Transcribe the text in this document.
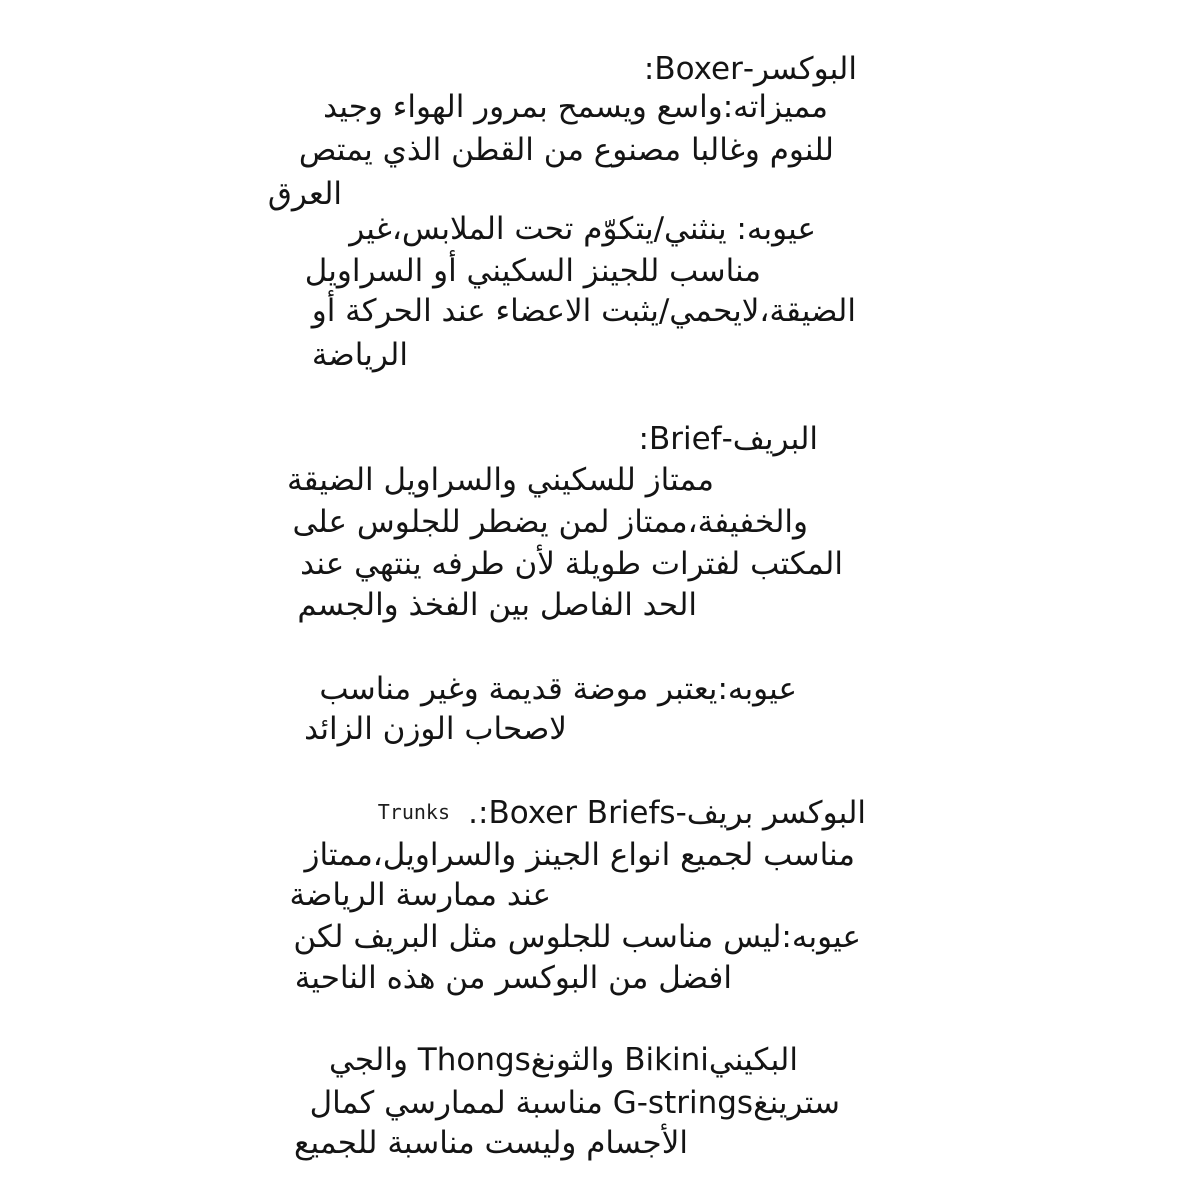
البوكسر-Boxer:
مميزاته:واسع ويسمح بمرور الهواء وجيد
للنوم وغالبا مصنوع من القطن الذي يمتص
العرق
عيوبه: ينثني/يتكوّم تحت الملابس،غير
مناسب للجينز السكيني أو السراويل
الضيقة،لايحمي/يثبت الاعضاء عند الحركة أو
الرياضة
البريف-Brief:
ممتاز للسكيني والسراويل الضيقة
والخفيفة،ممتاز لمن يضطر للجلوس على
المكتب لفترات طويلة لأن طرفه ينتهي عند
الحد الفاصل بين الفخذ والجسم
عيوبه:يعتبر موضة قديمة وغير مناسب
لاصحاب الوزن الزائد
Trunks البوكسر بريف-Boxer Briefs:.
مناسب لجميع انواع الجينز والسراويل،ممتاز
عند ممارسة الرياضة
عيوبه:ليس مناسب للجلوس مثل البريف لكن
افضل من البوكسر من هذه الناحية
البكينيBikini والثونغThongs والجي
سترينغG-strings مناسبة لممارسي كمال
الأجسام وليست مناسبة للجميع
